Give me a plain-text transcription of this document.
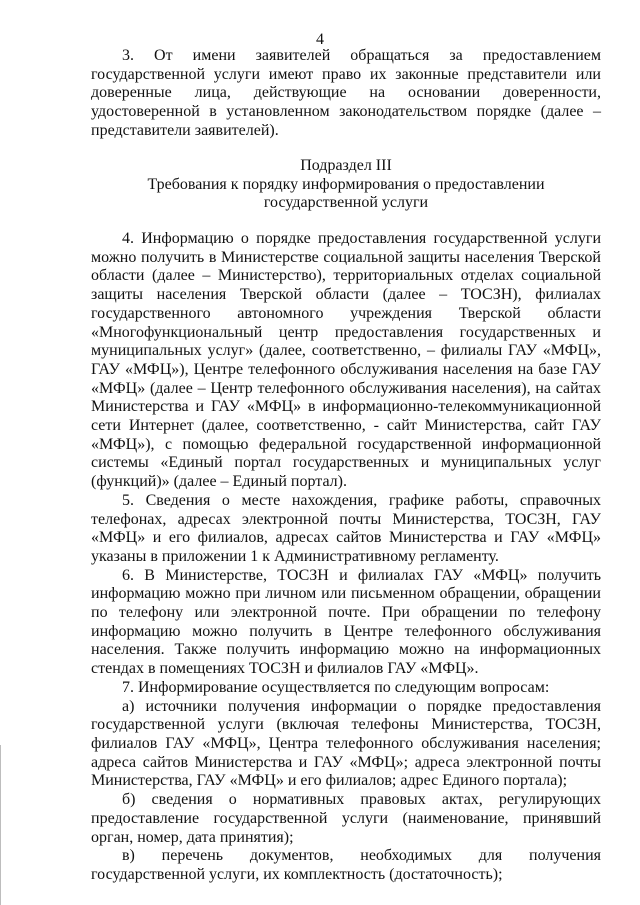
4

3. От имени заявителей обращаться за предоставлением государственной услуги имеют право их законные представители или доверенные лица, действующие на основании доверенности, удостоверенной в установленном законодательством порядке (далее – представители заявителей).

Подраздел III
Требования к порядку информирования о предоставлении
государственной услуги

4. Информацию о порядке предоставления государственной услуги можно получить в Министерстве социальной защиты населения Тверской области (далее – Министерство), территориальных отделах социальной защиты населения Тверской области (далее – ТОСЗН), филиалах государственного автономного учреждения Тверской области «Многофункциональный центр предоставления государственных и муниципальных услуг» (далее, соответственно, – филиалы ГАУ «МФЦ», ГАУ «МФЦ»), Центре телефонного обслуживания населения на базе ГАУ «МФЦ» (далее – Центр телефонного обслуживания населения), на сайтах Министерства и ГАУ «МФЦ» в информационно-телекоммуникационной сети Интернет (далее, соответственно, - сайт Министерства, сайт ГАУ «МФЦ»), с помощью федеральной государственной информационной системы «Единый портал государственных и муниципальных услуг (функций)» (далее – Единый портал).

5. Сведения о месте нахождения, графике работы, справочных телефонах, адресах электронной почты Министерства, ТОСЗН, ГАУ «МФЦ» и его филиалов, адресах сайтов Министерства и ГАУ «МФЦ» указаны в приложении 1 к Административному регламенту.

6. В Министерстве, ТОСЗН и филиалах ГАУ «МФЦ» получить информацию можно при личном или письменном обращении, обращении по телефону или электронной почте. При обращении по телефону информацию можно получить в Центре телефонного обслуживания населения. Также получить информацию можно на информационных стендах в помещениях ТОСЗН и филиалов ГАУ «МФЦ».

7. Информирование осуществляется по следующим вопросам:

а) источники получения информации о порядке предоставления государственной услуги (включая телефоны Министерства, ТОСЗН, филиалов ГАУ «МФЦ», Центра телефонного обслуживания населения; адреса сайтов Министерства и ГАУ «МФЦ»; адреса электронной почты Министерства, ГАУ «МФЦ» и его филиалов; адрес Единого портала);

б) сведения о нормативных правовых актах, регулирующих предоставление государственной услуги (наименование, принявший орган, номер, дата принятия);

в) перечень документов, необходимых для получения государственной услуги, их комплектность (достаточность);
